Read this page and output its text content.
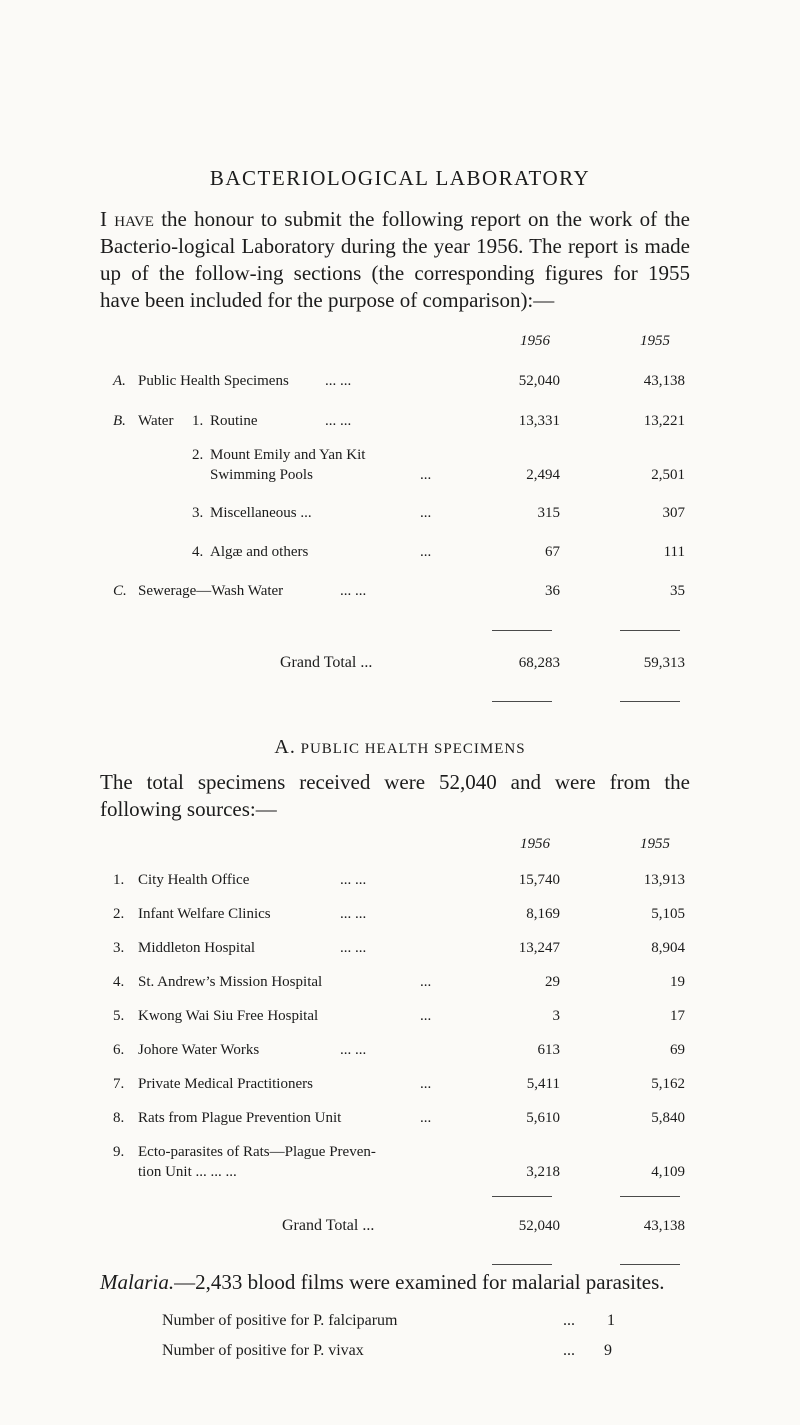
BACTERIOLOGICAL LABORATORY
I have the honour to submit the following report on the work of the Bacterio-logical Laboratory during the year 1956. The report is made up of the follow-ing sections (the corresponding figures for 1955 have been included for the purpose of comparison):—
1956	1955
A. Public Health Specimens ... ...	52,040	43,138
B. Water 1. Routine	... ...	13,331	13,221
2. Mount Emily and Yan Kit
Swimming Pools	...	2,494	2,501
3. Miscellaneous ...	...	315	307
4. Algæ and others	...	67	111
C. Sewerage—Wash Water	... ...	36	35
Grand Total ...	68,283	59,313
A. PUBLIC HEALTH SPECIMENS
The total specimens received were 52,040 and were from the following sources:—
1956	1955
1. City Health Office	... ...	15,740	13,913
2. Infant Welfare Clinics	... ...	8,169	5,105
3. Middleton Hospital	... ...	13,247	8,904
4. St. Andrew’s Mission Hospital	...	29	19
5. Kwong Wai Siu Free Hospital	...	3	17
6. Johore Water Works	... ...	613	69
7. Private Medical Practitioners	...	5,411	5,162
8. Rats from Plague Prevention Unit	...	5,610	5,840
9. Ecto-parasites of Rats—Plague Preven-
tion Unit ... ... ...	3,218	4,109
Grand Total ...	52,040	43,138
Malaria.—2,433 blood films were examined for malarial parasites.
Number of positive for P. falciparum	... 1
Number of positive for P. vivax	... 9
